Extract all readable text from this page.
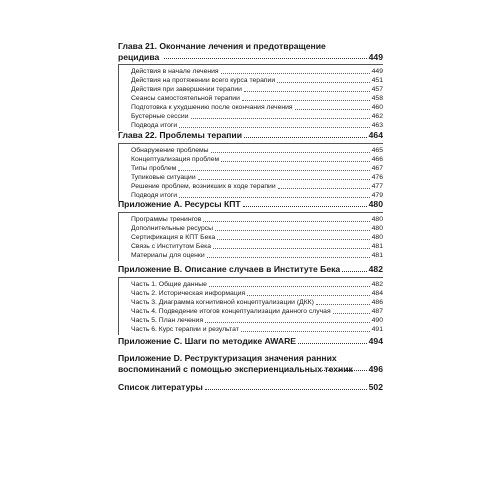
Глава 21. Окончание лечения и предотвращение рецидива	449
Действия в начале лечения	449
Действия на протяжении всего курса терапии	451
Действия при завершении терапии	457
Сеансы самостоятельной терапии	458
Подготовка к ухудшению после окончания лечения	460
Бустерные сессии	462
Подвода итоги	463
Глава 22. Проблемы терапии	464
Обнаружение проблемы	465
Концептуализация проблем	466
Типы проблем	467
Тупиковые ситуации	476
Решение проблем, возникших в ходе терапии	477
Подводя итоги	479
Приложение А. Ресурсы КПТ	480
Программы тренингов	480
Дополнительные ресурсы	480
Сертификация в КПТ Бека	480
Связь с Институтом Бека	481
Материалы для оценки	481
Приложение B. Описание случаев в Институте Бека	482
Часть 1. Общие данные	482
Часть 2. Историческая информация	484
Часть 3. Диаграмма когнитивной концептуализации (ДКК)	486
Часть 4. Подведение итогов концептуализации данного случая	487
Часть 5. План лечения	490
Часть 6. Курс терапии и результат	491
Приложение C. Шаги по методике AWARE	494
Приложение D. Реструктуризация значения ранних воспоминаний с помощью экспериенциальных техник	496
Список литературы	502
